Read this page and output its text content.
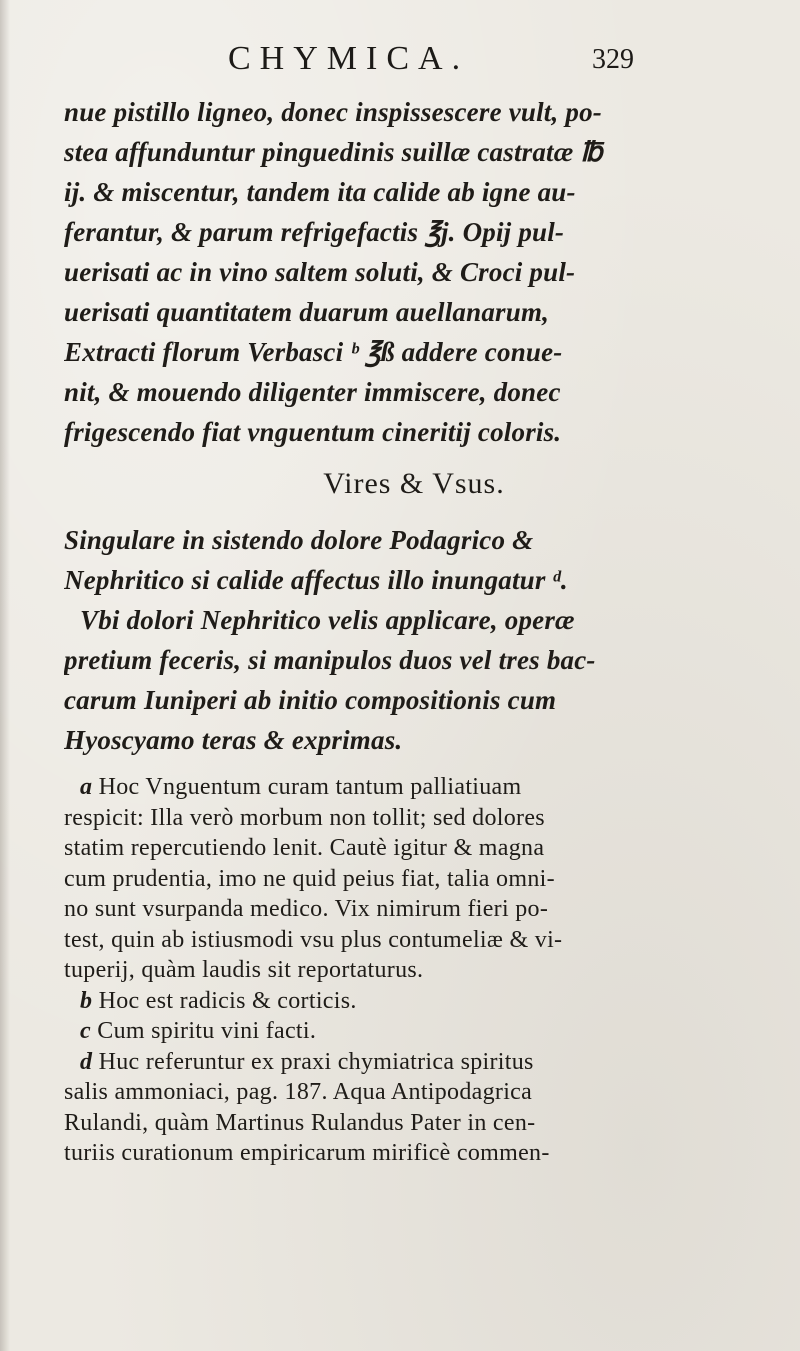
CHYMICA.	329
nue pistillo ligneo, donec inspissescere vult, po-
stea affunduntur pinguedinis suillæ castratæ ℔
ij. & miscentur, tandem ita calide ab igne au-
ferantur, & parum refrigefactis ℥j. Opij pul-
uerisati ac in vino saltem soluti, & Croci pul-
uerisati quantitatem duarum auellanarum,
Extracti florum Verbasci ᵇ ℥ß addere conue-
nit, & mouendo diligenter immiscere, donec
frigescendo fiat vnguentum cineritij coloris.
Vires & Vsus.
Singulare in sistendo dolore Podagrico &
Nephritico si calide affectus illo inungatur ᵈ.
Vbi dolori Nephritico velis applicare, operæ
pretium feceris, si manipulos duos vel tres bac-
carum Iuniperi ab initio compositionis cum
Hyoscyamo teras & exprimas.
a Hoc Vnguentum curam tantum palliatiuam
respicit: Illa verò morbum non tollit; sed dolores
statim repercutiendo lenit. Cautè igitur & magna
cum prudentia, imo ne quid peius fiat, talia omni-
no sunt vsurpanda medico. Vix nimirum fieri po-
test, quin ab istiusmodi vsu plus contumeliæ & vi-
tuperij, quàm laudis sit reportaturus.
b Hoc est radicis & corticis.
c Cum spiritu vini facti.
d Huc referuntur ex praxi chymiatrica spiritus
salis ammoniaci, pag. 187. Aqua Antipodagrica
Rulandi, quàm Martinus Rulandus Pater in cen-
turiis curationum empiricarum mirificè commen-
